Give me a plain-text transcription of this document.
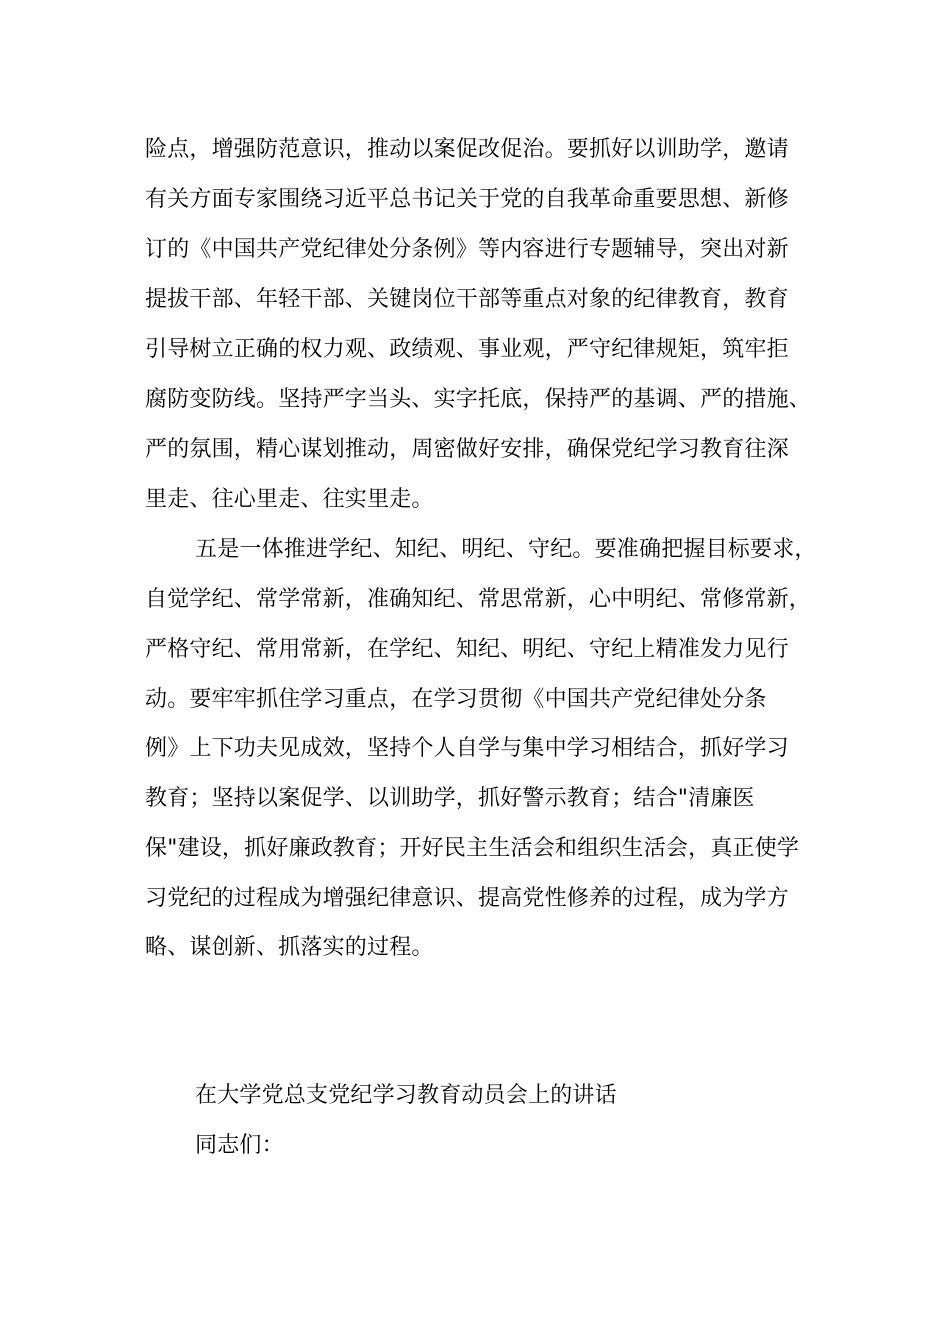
险点，增强防范意识，推动以案促改促治。要抓好以训助学，邀请
有关方面专家围绕习近平总书记关于党的自我革命重要思想、新修
订的《中国共产党纪律处分条例》等内容进行专题辅导，突出对新
提拔干部、年轻干部、关键岗位干部等重点对象的纪律教育，教育
引导树立正确的权力观、政绩观、事业观，严守纪律规矩，筑牢拒
腐防变防线。坚持严字当头、实字托底，保持严的基调、严的措施、
严的氛围，精心谋划推动，周密做好安排，确保党纪学习教育往深
里走、往心里走、往实里走。
五是一体推进学纪、知纪、明纪、守纪。要准确把握目标要求，
自觉学纪、常学常新，准确知纪、常思常新，心中明纪、常修常新，
严格守纪、常用常新，在学纪、知纪、明纪、守纪上精准发力见行
动。要牢牢抓住学习重点，在学习贯彻《中国共产党纪律处分条
例》上下功夫见成效，坚持个人自学与集中学习相结合，抓好学习
教育；坚持以案促学、以训助学，抓好警示教育；结合"清廉医
保"建设，抓好廉政教育；开好民主生活会和组织生活会，真正使学
习党纪的过程成为增强纪律意识、提高党性修养的过程，成为学方
略、谋创新、抓落实的过程。
在大学党总支党纪学习教育动员会上的讲话
同志们：
